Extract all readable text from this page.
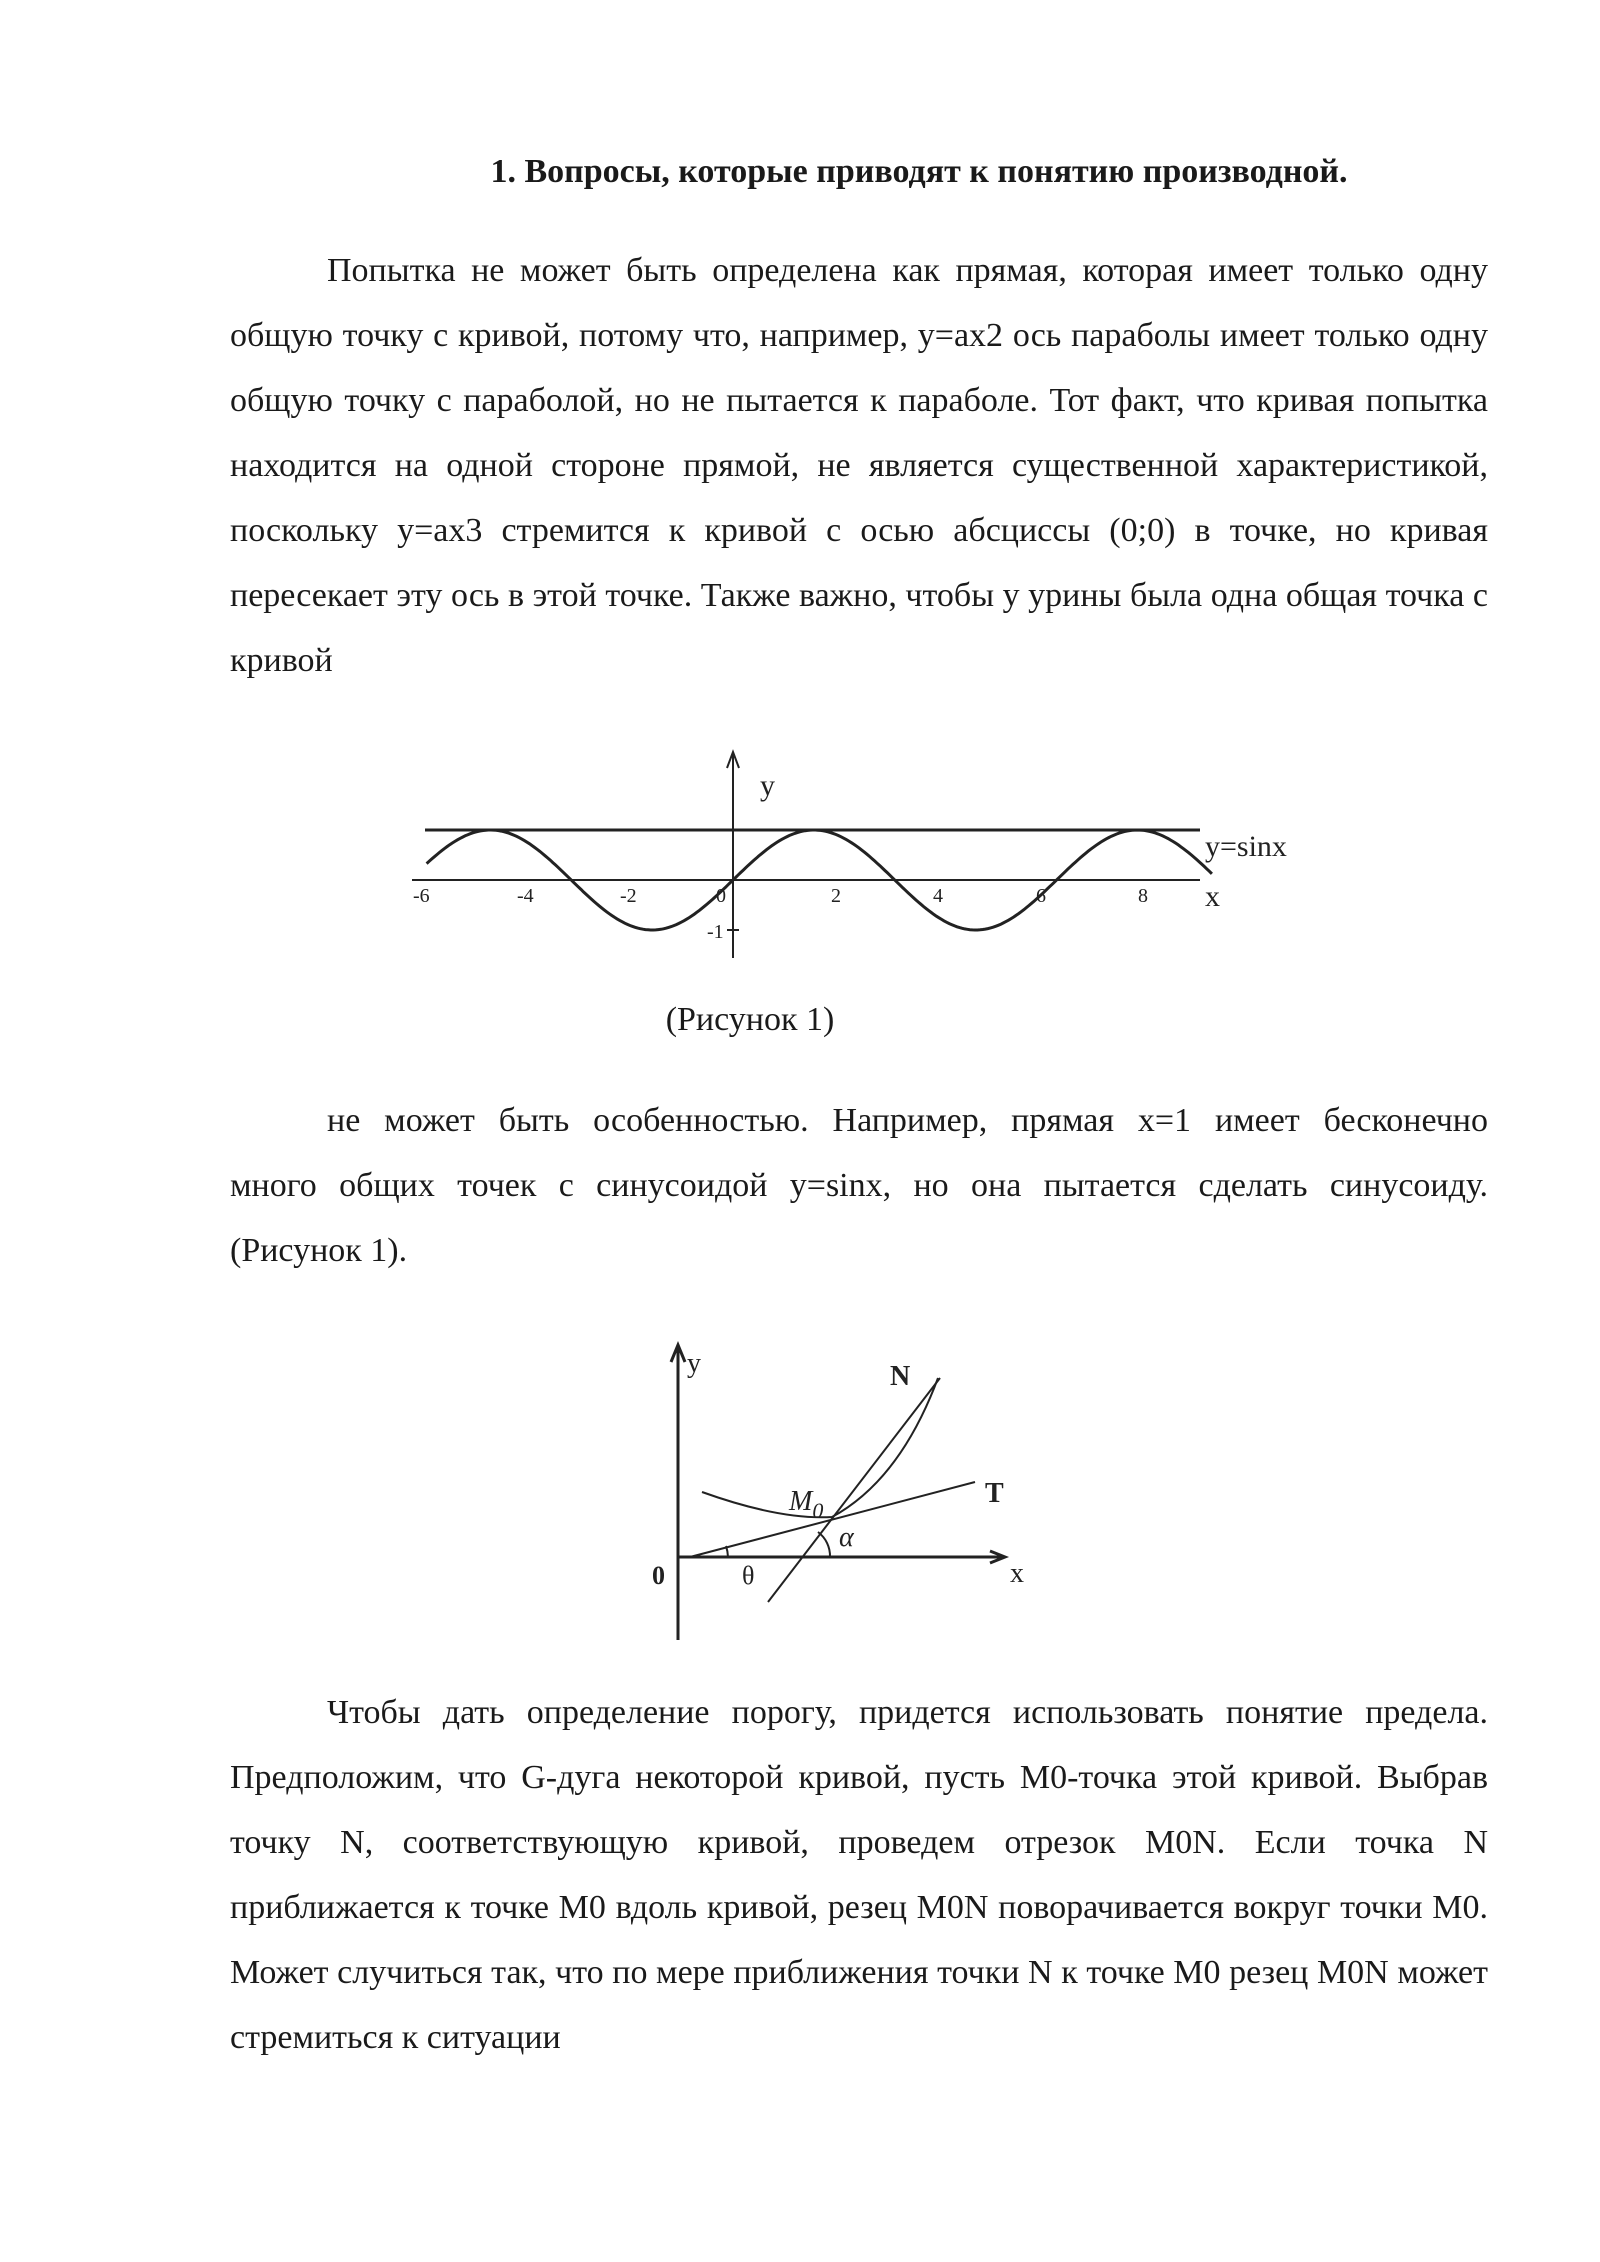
1. Вопросы, которые приводят к понятию производной.

Попытка не может быть определена как прямая, которая имеет только одну общую точку с кривой, потому что, например, y=ax2 ось параболы имеет только одну общую точку с параболой, но не пытается к параболе. Тот факт, что кривая попытка находится на одной стороне прямой, не является существенной характеристикой, поскольку y=ax3 стремится к кривой с осью абсциссы (0;0) в точке, но кривая пересекает эту ось в этой точке. Также важно, чтобы у урины была одна общая точка с кривой

-6	-4	-2	0	2	4	6	8
-1
y
x
y=sinx
0
y
x
N
T
$M_0$
α
θ
(Рисунок 1)
не может быть особенностью. Например, прямая x=1 имеет бесконечно
много общих точек с синусоидой y=sinx, но она пытается сделать синусоиду. (Рисунок 1).

Чтобы дать определение порогу, придется использовать понятие предела. Предположим, что G-дуга некоторой кривой, пусть M0-точка этой кривой. Выбрав точку N, соответствующую кривой, проведем отрезок M0N. Если точка N приближается к точке M0 вдоль кривой, резец M0N поворачивается вокруг точки M0. Может случиться так, что по мере приближения точки N к точке M0 резец M0N может стремиться к ситуации
